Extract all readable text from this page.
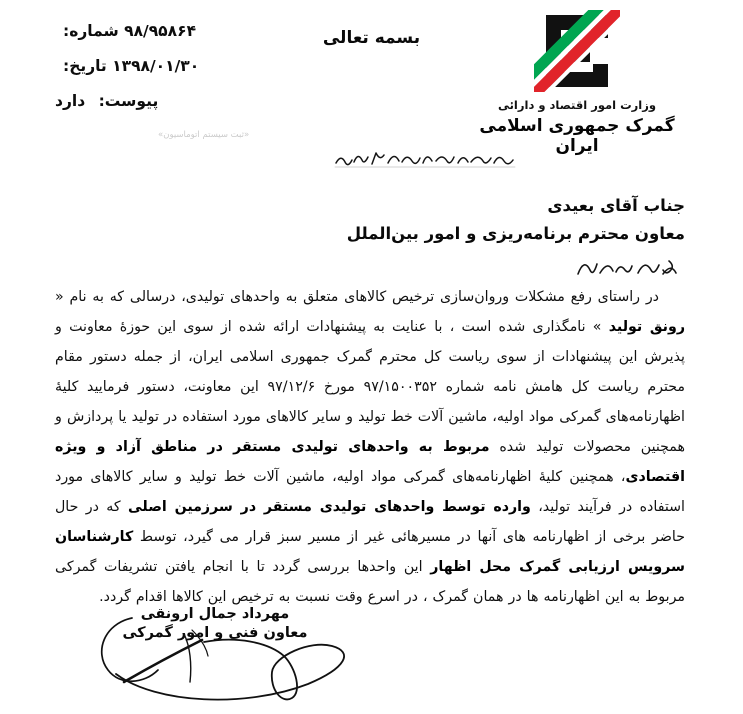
۹۸/۹۵۸۶۴ شماره:
۱۳۹۸/۰۱/۳۰ تاریخ:
پیوست: دارد
«ثبت سیستم اتوماسیون»
بسمه تعالی
وزارت امور اقتصاد و دارائی
گمرک جمهوری اسلامی ایران
جناب آقای بعیدی
معاون محترم برنامه‌ریزی و امور بین‌الملل
در راستای رفع مشکلات وروان‌سازی ترخیص کالاهای متعلق به واحدهای تولیدی، درسالی که به نام « رونق تولید » نامگذاری شده است ، با عنایت به پیشنهادات ارائه شده از سوی این حوزهٔ معاونت و پذیرش این پیشنهادات از سوی ریاست کل محترم گمرک جمهوری اسلامی ایران، از جمله دستور مقام محترم ریاست کل هامش نامه شماره ۹۷/۱۵۰۰۳۵۲ مورخ ۹۷/۱۲/۶ این معاونت، دستور فرمایید کلیهٔ اظهارنامه‌های گمرکی مواد اولیه، ماشین آلات خط تولید و سایر کالاهای مورد استفاده در تولید یا پردازش و همچنین محصولات تولید شده مربوط به واحدهای تولیدی مستقر در مناطق آزاد و ویژه اقتصادی، همچنین کلیهٔ اظهارنامه‌های گمرکی مواد اولیه، ماشین آلات خط تولید و سایر کالاهای مورد استفاده در فرآیند تولید، وارده توسط واحدهای تولیدی مستقر در سرزمین اصلی که در حال حاضر برخی از اظهارنامه های آنها در مسیرهائی غیر از مسیر سبز قرار می گیرد، توسط کارشناسان سرویس ارزیابی گمرک محل اظهار این واحدها بررسی گردد تا با انجام یافتن تشریفات گمرکی مربوط به این اظهارنامه ها در همان گمرک ، در اسرع وقت نسبت به ترخیص این کالاها اقدام گردد.
مهرداد جمال ارونقی
معاون فنی و امور گمرکی
